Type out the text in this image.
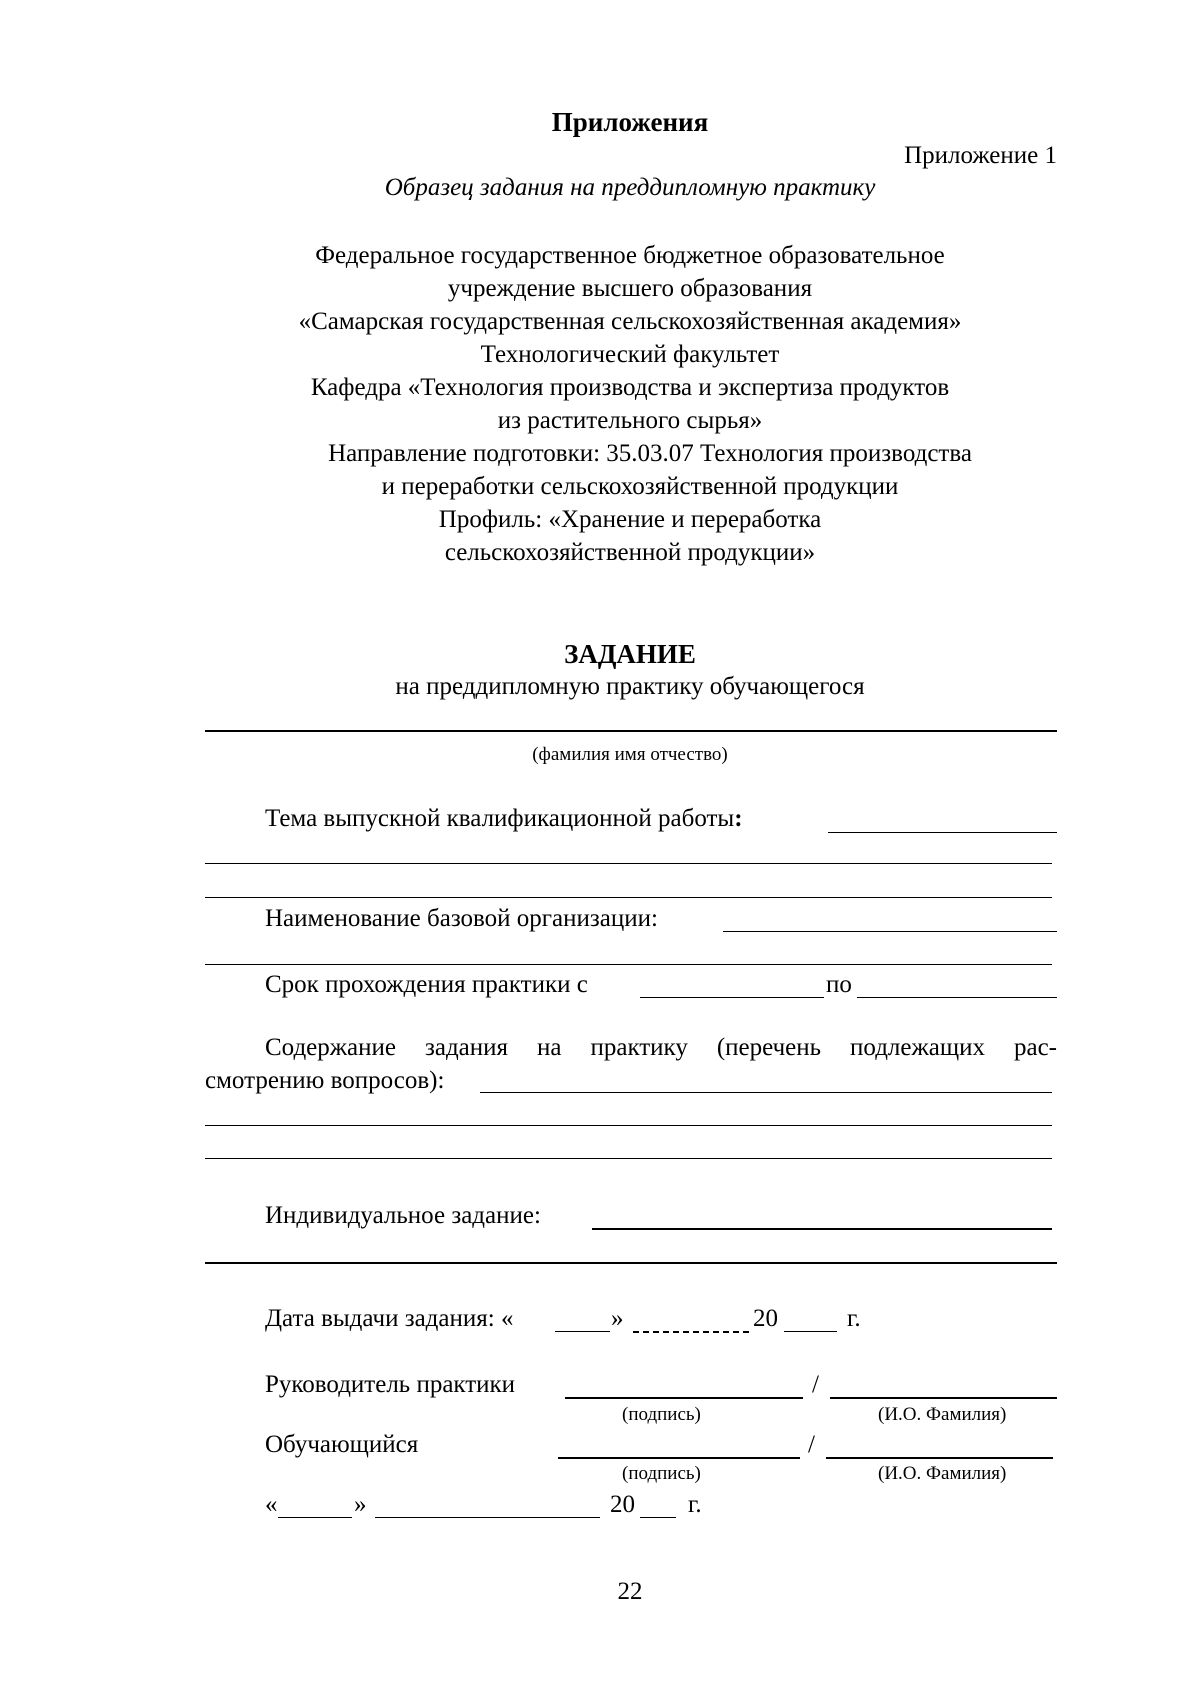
Приложения
Приложение 1
Образец задания на преддипломную практику
Федеральное государственное бюджетное образовательное
учреждение высшего образования
«Самарская государственная сельскохозяйственная академия»
Технологический факультет
Кафедра «Технология производства и экспертиза продуктов
из растительного сырья»
Направление подготовки: 35.03.07 Технология производства
и переработки сельскохозяйственной продукции
Профиль: «Хранение и переработка
сельскохозяйственной продукции»
ЗАДАНИЕ
на преддипломную практику обучающегося
(фамилия имя отчество)
Тема выпускной квалификационной работы:
Наименование базовой организации:
Срок прохождения практики с	по
Содержание задания на практику (перечень подлежащих рас-
смотрению вопросов):
Индивидуальное задание:
Дата выдачи задания: «	»	20	г.
Руководитель практики	/
(подпись)	(И.О. Фамилия)
Обучающийся	/
(подпись)	(И.О. Фамилия)
«	»	20 г.
22
